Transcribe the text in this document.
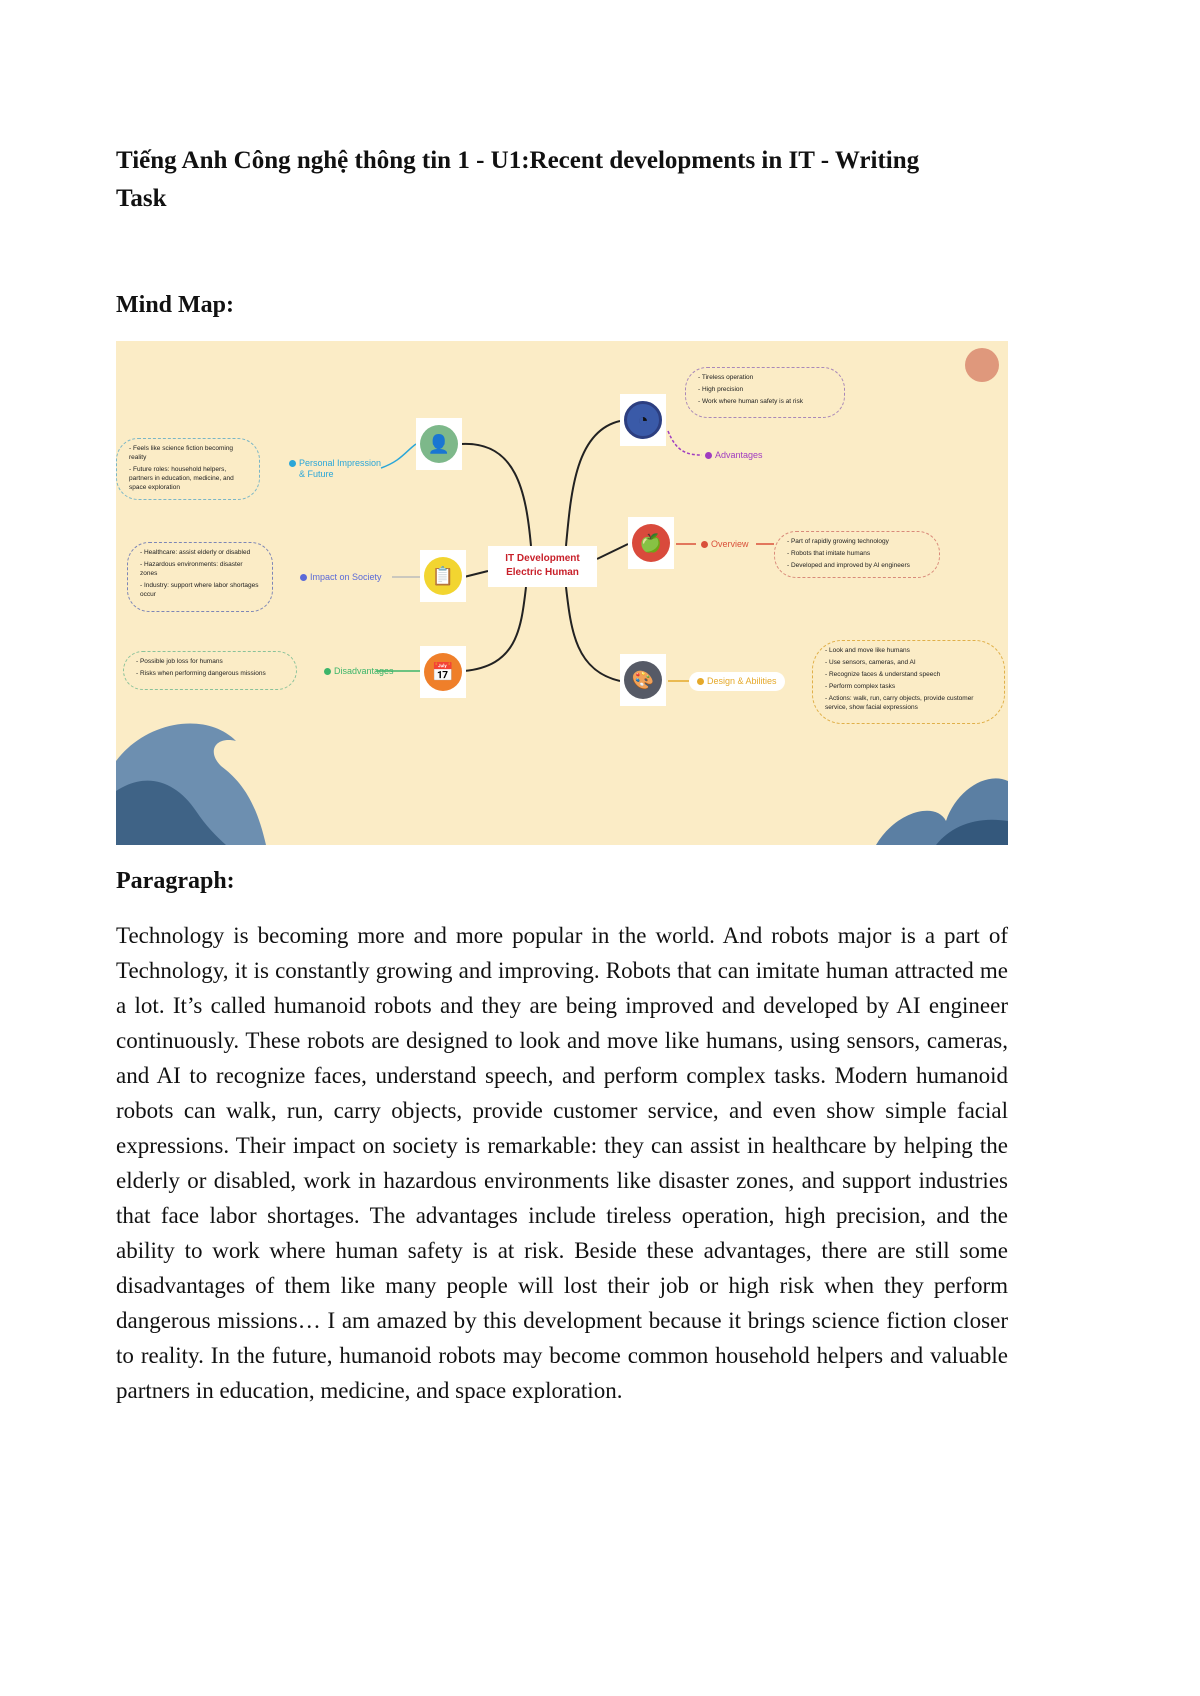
Tiếng Anh Công nghệ thông tin 1 - U1:Recent developments in IT - Writing Task
Mind Map:
IT Development
Electric Human
👤
📋
📅
◔
🍏
🎨
Personal Impression & Future
Impact on Society
Disadvantages
Advantages
Overview
Design & Abilities
- Feels like science fiction becoming reality
- Future roles: household helpers, partners in education, medicine, and space exploration
- Healthcare: assist elderly or disabled
- Hazardous environments: disaster zones
- Industry: support where labor shortages occur
- Possible job loss for humans
- Risks when performing dangerous missions
- Tireless operation
- High precision
- Work where human safety is at risk
- Part of rapidly growing technology
- Robots that imitate humans
- Developed and improved by AI engineers
- Look and move like humans
- Use sensors, cameras, and AI
- Recognize faces & understand speech
- Perform complex tasks
- Actions: walk, run, carry objects, provide customer service, show facial expressions
Paragraph:
Technology is becoming more and more popular in the world. And robots major is a part of Technology, it is constantly growing and improving. Robots that can imitate human attracted me a lot. It’s called humanoid robots and they are being improved and developed by AI engineer continuously. These robots are designed to look and move like humans, using sensors, cameras, and AI to recognize faces, understand speech, and perform complex tasks. Modern humanoid robots can walk, run, carry objects, provide customer service, and even show simple facial expressions. Their impact on society is remarkable: they can assist in healthcare by helping the elderly or disabled, work in hazardous environments like disaster zones, and support industries that face labor shortages. The advantages include tireless operation, high precision, and the ability to work where human safety is at risk. Beside these advantages, there are still some disadvantages of them like many people will lost their job or high risk when they perform dangerous missions… I am amazed by this development because it brings science fiction closer to reality. In the future, humanoid robots may become common household helpers and valuable partners in education, medicine, and space exploration.
